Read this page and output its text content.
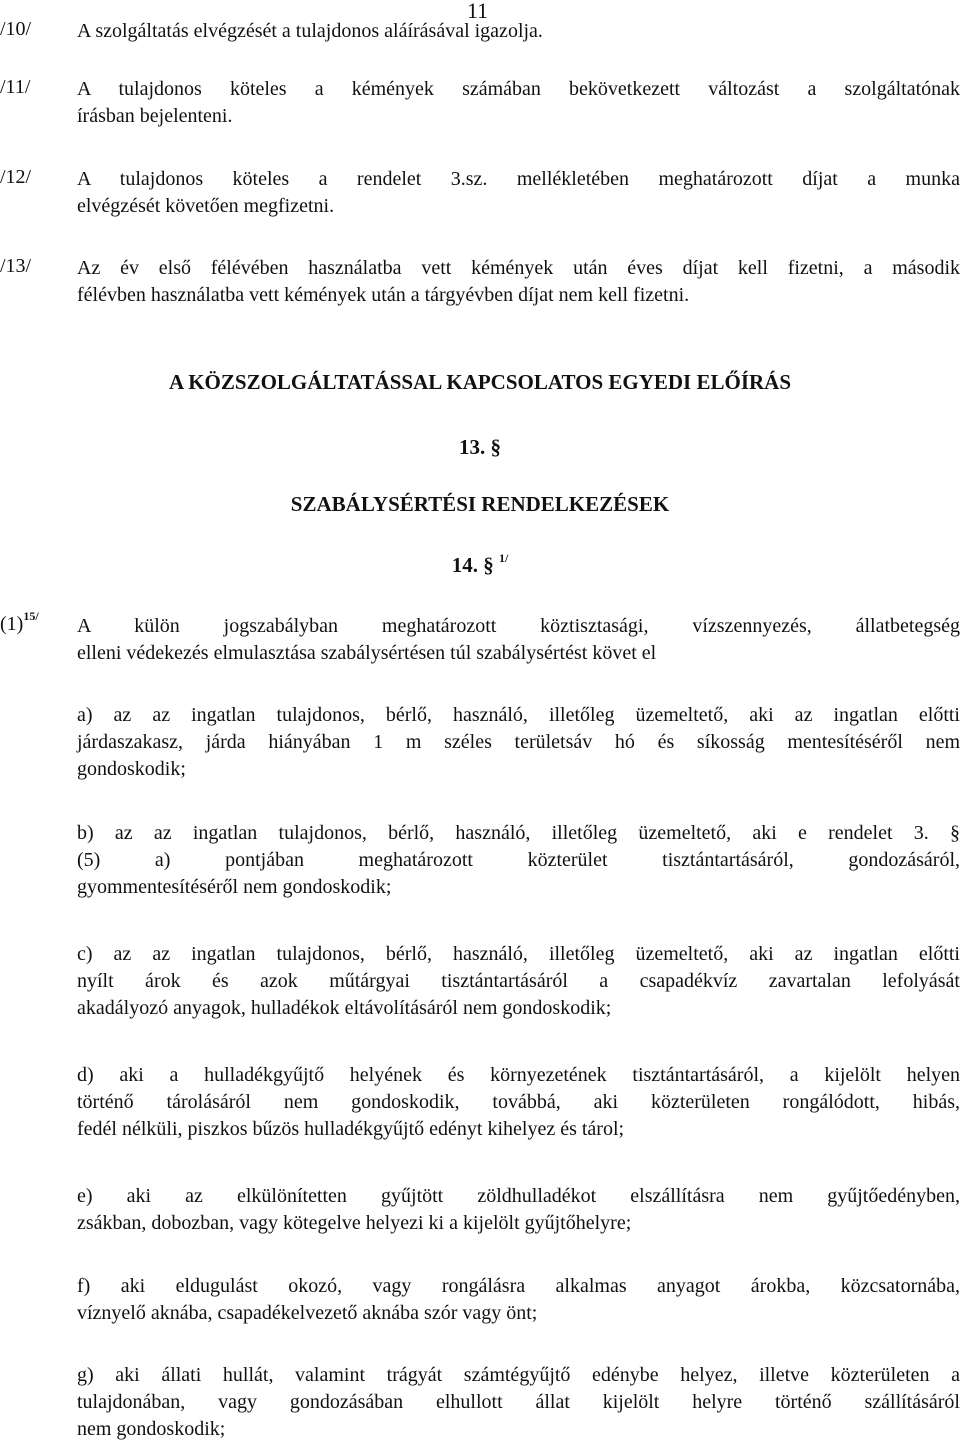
11
/10/ A szolgáltatás elvégzését a tulajdonos aláírásával igazolja.
/11/ A tulajdonos köteles a kémények számában bekövetkezett változást a szolgáltatónak
írásban bejelenteni.
/12/ A tulajdonos köteles a rendelet 3.sz. mellékletében meghatározott díjat a munka
elvégzését követően megfizetni.
/13/ Az év első félévében használatba vett kémények után éves díjat kell fizetni, a második
félévben használatba vett kémények után a tárgyévben díjat nem kell fizetni.
A KÖZSZOLGÁLTATÁSSAL KAPCSOLATOS EGYEDI ELŐÍRÁS
13. §
SZABÁLYSÉRTÉSI RENDELKEZÉSEK
14. § $^{1/}$
$(1)^{15/}$ A külön jogszabályban meghatározott köztisztasági, vízszennyezés, állatbetegség
elleni védekezés elmulasztása szabálysértésen túl szabálysértést követ el
a) az az ingatlan tulajdonos, bérlő, használó, illetőleg üzemeltető, aki az ingatlan előtti
járdaszakasz, járda hiányában 1 m széles területsáv hó és síkosság mentesítéséről nem
gondoskodik;
b) az az ingatlan tulajdonos, bérlő, használó, illetőleg üzemeltető, aki e rendelet 3. §
(5) a) pontjában meghatározott közterület tisztántartásáról, gondozásáról,
gyommentesítéséről nem gondoskodik;
c) az az ingatlan tulajdonos, bérlő, használó, illetőleg üzemeltető, aki az ingatlan előtti
nyílt árok és azok műtárgyai tisztántartásáról a csapadékvíz zavartalan lefolyását
akadályozó anyagok, hulladékok eltávolításáról nem gondoskodik;
d) aki a hulladékgyűjtő helyének és környezetének tisztántartásáról, a kijelölt helyen
történő tárolásáról nem gondoskodik, továbbá, aki közterületen rongálódott, hibás,
fedél nélküli, piszkos bűzös hulladékgyűjtő edényt kihelyez és tárol;
e) aki az elkülönítetten gyűjtött zöldhulladékot elszállításra nem gyűjtőedényben,
zsákban, dobozban, vagy kötegelve helyezi ki a kijelölt gyűjtőhelyre;
f) aki eldugulást okozó, vagy rongálásra alkalmas anyagot árokba, közcsatornába,
víznyelő aknába, csapadékelvezető aknába szór vagy önt;
g) aki állati hullát, valamint trágyát számtégyűjtő edénybe helyez, illetve közterületen a
tulajdonában, vagy gondozásában elhullott állat kijelölt helyre történő szállításáról
nem gondoskodik;
